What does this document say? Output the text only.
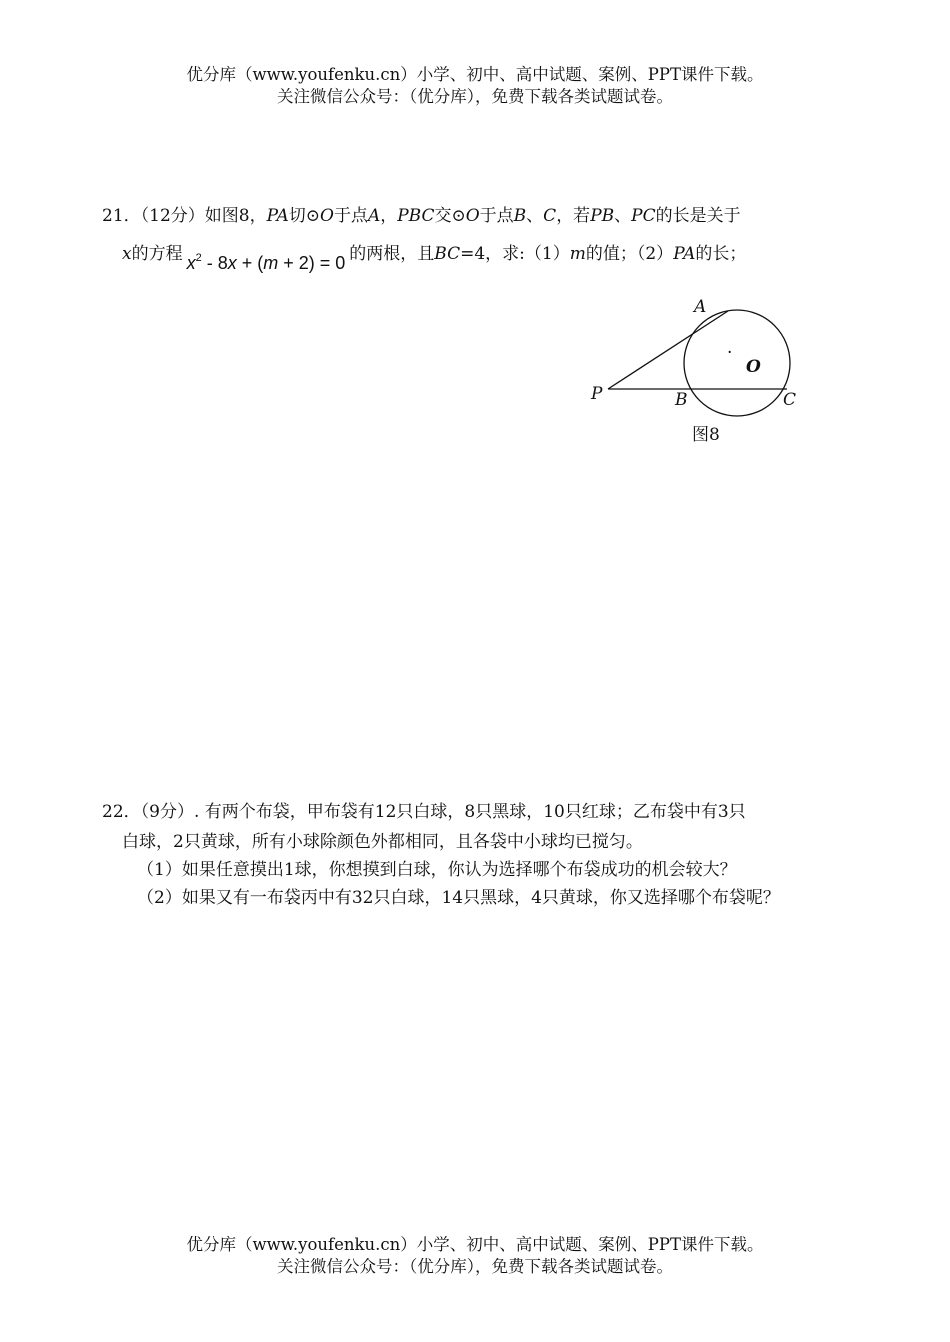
优分库（www.youfenku.cn）小学、初中、高中试题、案例、PPT课件下载。
关注微信公众号：（优分库），免费下载各类试题试卷。
21．（12分）如图8，PA切⊙O于点A，PBC交⊙O于点B、C，若PB、PC的长是关于
x的方程 $x^2 - 8x + (m + 2) = 0$ 的两根，且BC=4，求:（1）m的值；（2）PA的长；
A
·
O
P	B	C
图8
22．（9分）. 有两个布袋，甲布袋有12只白球，8只黑球，10只红球；乙布袋中有3只
白球，2只黄球，所有小球除颜色外都相同，且各袋中小球均已搅匀。
（1）如果任意摸出1球，你想摸到白球，你认为选择哪个布袋成功的机会较大？
（2）如果又有一布袋丙中有32只白球，14只黑球，4只黄球，你又选择哪个布袋呢？
优分库（www.youfenku.cn）小学、初中、高中试题、案例、PPT课件下载。
关注微信公众号：（优分库），免费下载各类试题试卷。
